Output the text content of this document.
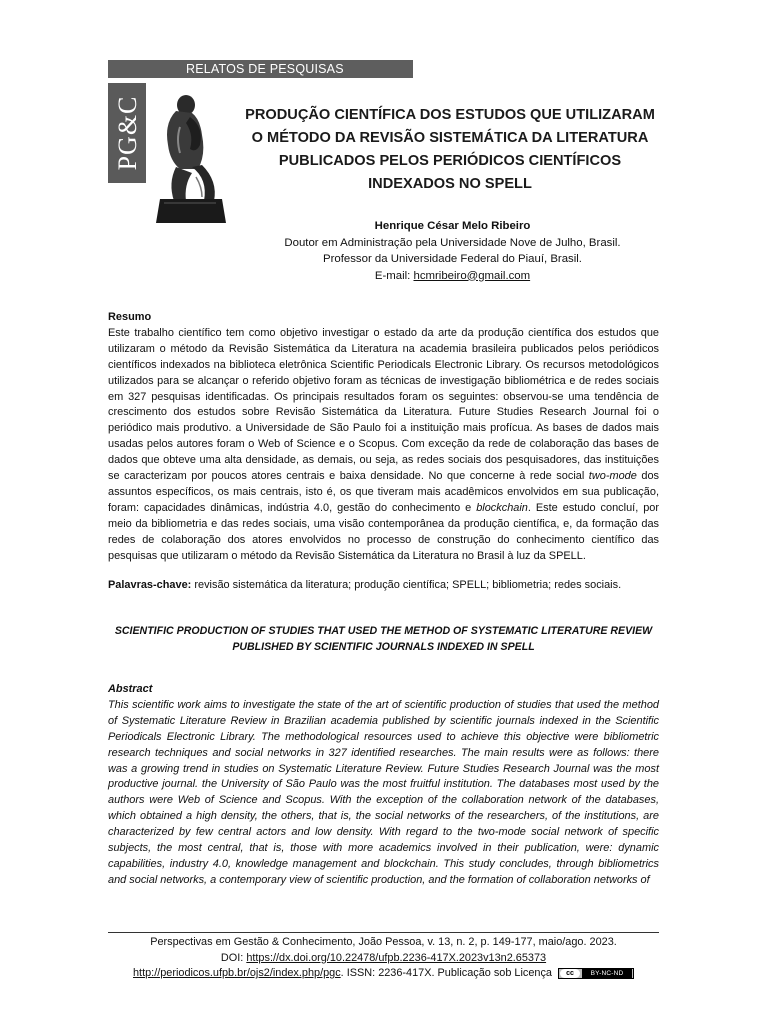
RELATOS DE PESQUISAS
PG&C	PRODUÇÃO CIENTÍFICA DOS ESTUDOS QUE UTILIZARAM O MÉTODO DA REVISÃO SISTEMÁTICA DA LITERATURA PUBLICADOS PELOS PERIÓDICOS CIENTÍFICOS INDEXADOS NO SPELL
Henrique César Melo Ribeiro
Doutor em Administração pela Universidade Nove de Julho, Brasil.
Professor da Universidade Federal do Piauí, Brasil.
E-mail: hcmribeiro@gmail.com
Resumo
Este trabalho científico tem como objetivo investigar o estado da arte da produção científica dos estudos que utilizaram o método da Revisão Sistemática da Literatura na academia brasileira publicados pelos periódicos científicos indexados na biblioteca eletrônica Scientific Periodicals Electronic Library. Os recursos metodológicos utilizados para se alcançar o referido objetivo foram as técnicas de investigação bibliométrica e de redes sociais em 327 pesquisas identificadas. Os principais resultados foram os seguintes: observou-se uma tendência de crescimento dos estudos sobre Revisão Sistemática da Literatura. Future Studies Research Journal foi o periódico mais produtivo. a Universidade de São Paulo foi a instituição mais profícua. As bases de dados mais usadas pelos autores foram o Web of Science e o Scopus. Com exceção da rede de colaboração das bases de dados que obteve uma alta densidade, as demais, ou seja, as redes sociais dos pesquisadores, das instituições se caracterizam por poucos atores centrais e baixa densidade. No que concerne à rede social two-mode dos assuntos específicos, os mais centrais, isto é, os que tiveram mais acadêmicos envolvidos em sua publicação, foram: capacidades dinâmicas, indústria 4.0, gestão do conhecimento e blockchain. Este estudo concluí, por meio da bibliometria e das redes sociais, uma visão contemporânea da produção científica, e, da formação das redes de colaboração dos atores envolvidos no processo de construção do conhecimento científico das pesquisas que utilizaram o método da Revisão Sistemática da Literatura no Brasil à luz da SPELL.
Palavras-chave: revisão sistemática da literatura; produção científica; SPELL; bibliometria; redes sociais.
SCIENTIFIC PRODUCTION OF STUDIES THAT USED THE METHOD OF SYSTEMATIC LITERATURE REVIEW PUBLISHED BY SCIENTIFIC JOURNALS INDEXED IN SPELL
Abstract
This scientific work aims to investigate the state of the art of scientific production of studies that used the method of Systematic Literature Review in Brazilian academia published by scientific journals indexed in the Scientific Periodicals Electronic Library. The methodological resources used to achieve this objective were bibliometric research techniques and social networks in 327 identified researches. The main results were as follows: there was a growing trend in studies on Systematic Literature Review. Future Studies Research Journal was the most productive journal. the University of São Paulo was the most fruitful institution. The databases most used by the authors were Web of Science and Scopus. With the exception of the collaboration network of the databases, which obtained a high density, the others, that is, the social networks of the researchers, of the institutions, are characterized by few central actors and low density. With regard to the two-mode social network of specific subjects, the most central, that is, those with more academics involved in their publication, were: dynamic capabilities, industry 4.0, knowledge management and blockchain. This study concludes, through bibliometrics and social networks, a contemporary view of scientific production, and the formation of collaboration networks of
Perspectivas em Gestão & Conhecimento, João Pessoa, v. 13, n. 2, p. 149-177, maio/ago. 2023.
DOI: https://dx.doi.org/10.22478/ufpb.2236-417X.2023v13n2.65373
http://periodicos.ufpb.br/ojs2/index.php/pgc. ISSN: 2236-417X. Publicação sob Licença	cc	BY-NC-ND
